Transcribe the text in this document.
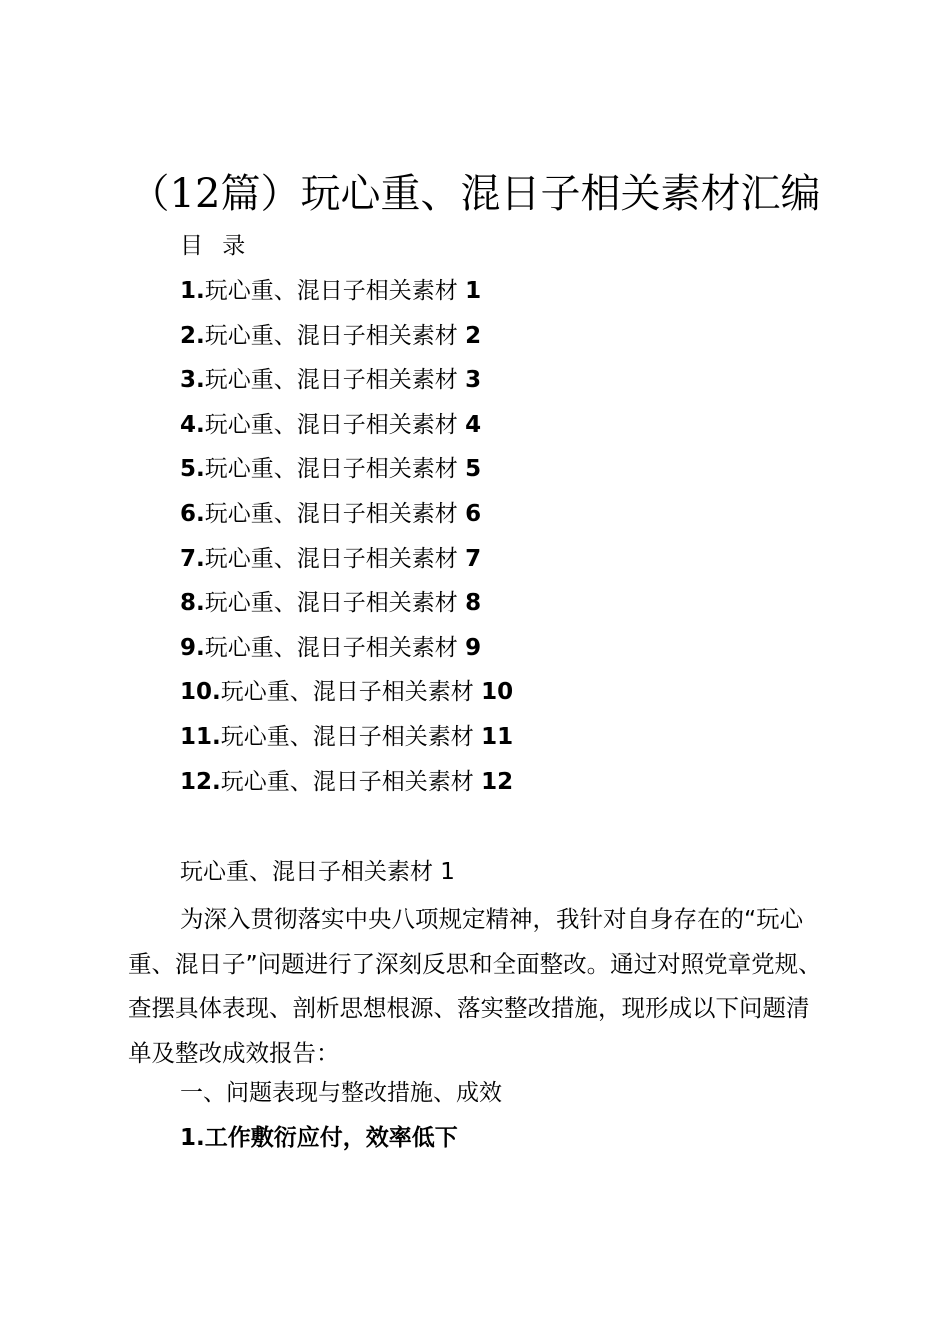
（12篇）玩心重、混日子相关素材汇编
目 录
1.玩心重、混日子相关素材 1
2.玩心重、混日子相关素材 2
3.玩心重、混日子相关素材 3
4.玩心重、混日子相关素材 4
5.玩心重、混日子相关素材 5
6.玩心重、混日子相关素材 6
7.玩心重、混日子相关素材 7
8.玩心重、混日子相关素材 8
9.玩心重、混日子相关素材 9
10.玩心重、混日子相关素材 10
11.玩心重、混日子相关素材 11
12.玩心重、混日子相关素材 12
玩心重、混日子相关素材 1

为深入贯彻落实中央八项规定精神，我针对自身存在的“玩心重、混日子”问题进行了深刻反思和全面整改。通过对照党章党规、查摆具体表现、剖析思想根源、落实整改措施，现形成以下问题清单及整改成效报告：

一、问题表现与整改措施、成效
1.工作敷衍应付，效率低下
